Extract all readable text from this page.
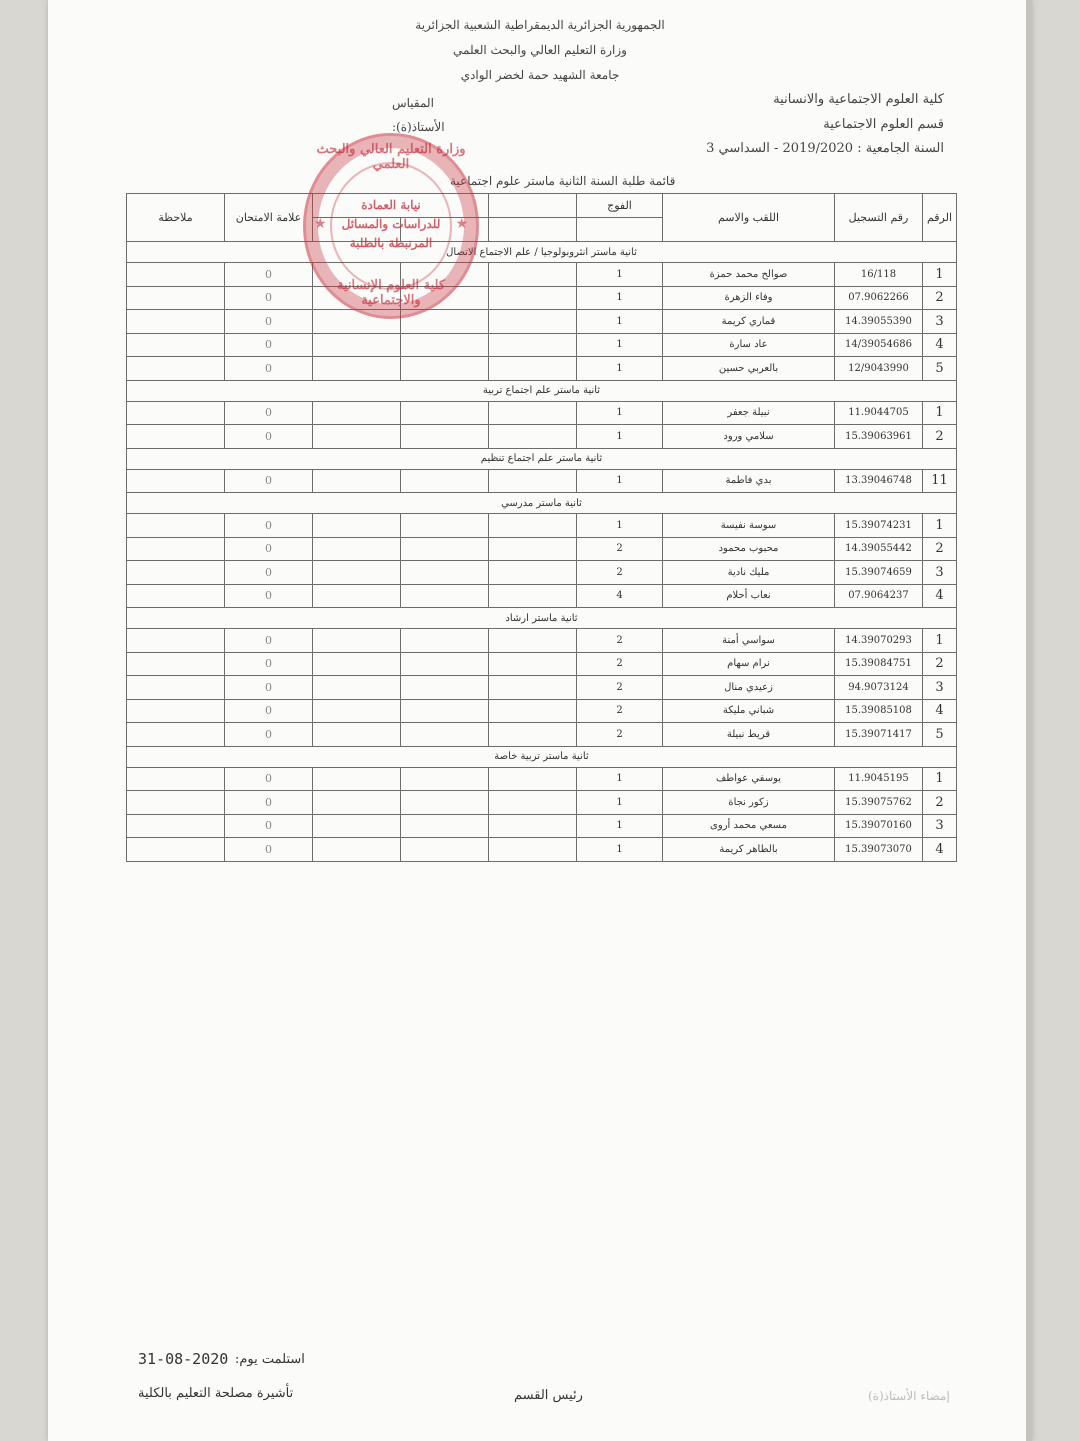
الجمهورية الجزائرية الديمقراطية الشعبية الجزائرية
وزارة التعليم العالي والبحث العلمي
جامعة الشهيد حمة لخضر الوادي
كلية العلوم الاجتماعية والانسانية
قسم العلوم الاجتماعية
السنة الجامعية : 2019/2020 - السداسي 3
المقياس
الأستاذ(ة):
قائمة طلبة السنة الثانية ماستر علوم اجتماعية
الرقم	رقم التسجيل	اللقب والاسم	الفوج				علامة الامتحان	ملاحظة

ثانية ماستر انثروبولوجيا / علم الاجتماع الاتصال								
1	16/118	صوالح محمد حمزة	1				0	
2	07.9062266	وفاء الزهرة	1				0	
3	14.39055390	قماري كريمة	1				0	
4	14/39054686	عاد سارة	1				0	
5	12/9043990	بالعربي حسين	1				0	
ثانية ماستر علم اجتماع تربية								
1	11.9044705	نبيلة جعفر	1				0	
2	15.39063961	سلامي ورود	1				0	
ثانية ماستر علم اجتماع تنظيم								
11	13.39046748	بدي فاطمة	1				0	
ثانية ماستر مدرسي								
1	15.39074231	سوسة نفيسة	1				0	
2	14.39055442	محبوب محمود	2				0	
3	15.39074659	مليك نادية	2				0	
4	07.9064237	نعاب أحلام	4				0	
ثانية ماستر ارشاد								
1	14.39070293	سواسي أمنة	2				0	
2	15.39084751	نرام سهام	2				0	
3	94.9073124	زعيدي منال	2				0	
4	15.39085108	شباني مليكة	2				0	
5	15.39071417	قريط نبيلة	2				0	
ثانية ماستر تربية خاصة								
1	11.9045195	يوسفي عواطف	1				0	
2	15.39075762	زكور نجاة	1				0	
3	15.39070160	مسعي محمد أروى	1				0	
4	15.39073070	بالطاهر كريمة	1				0	
وزارة التعليم العالي والبحث العلمي
نيابة العمادة
للدراسات والمسائل
المرتبطة بالطلبة
كلية العلوم الإنسانية والاجتماعية
★	★
استلمت يوم:
31-08-2020
تأشيرة مصلحة التعليم بالكلية	رئيس القسم	إمضاء الأستاذ(ة)
